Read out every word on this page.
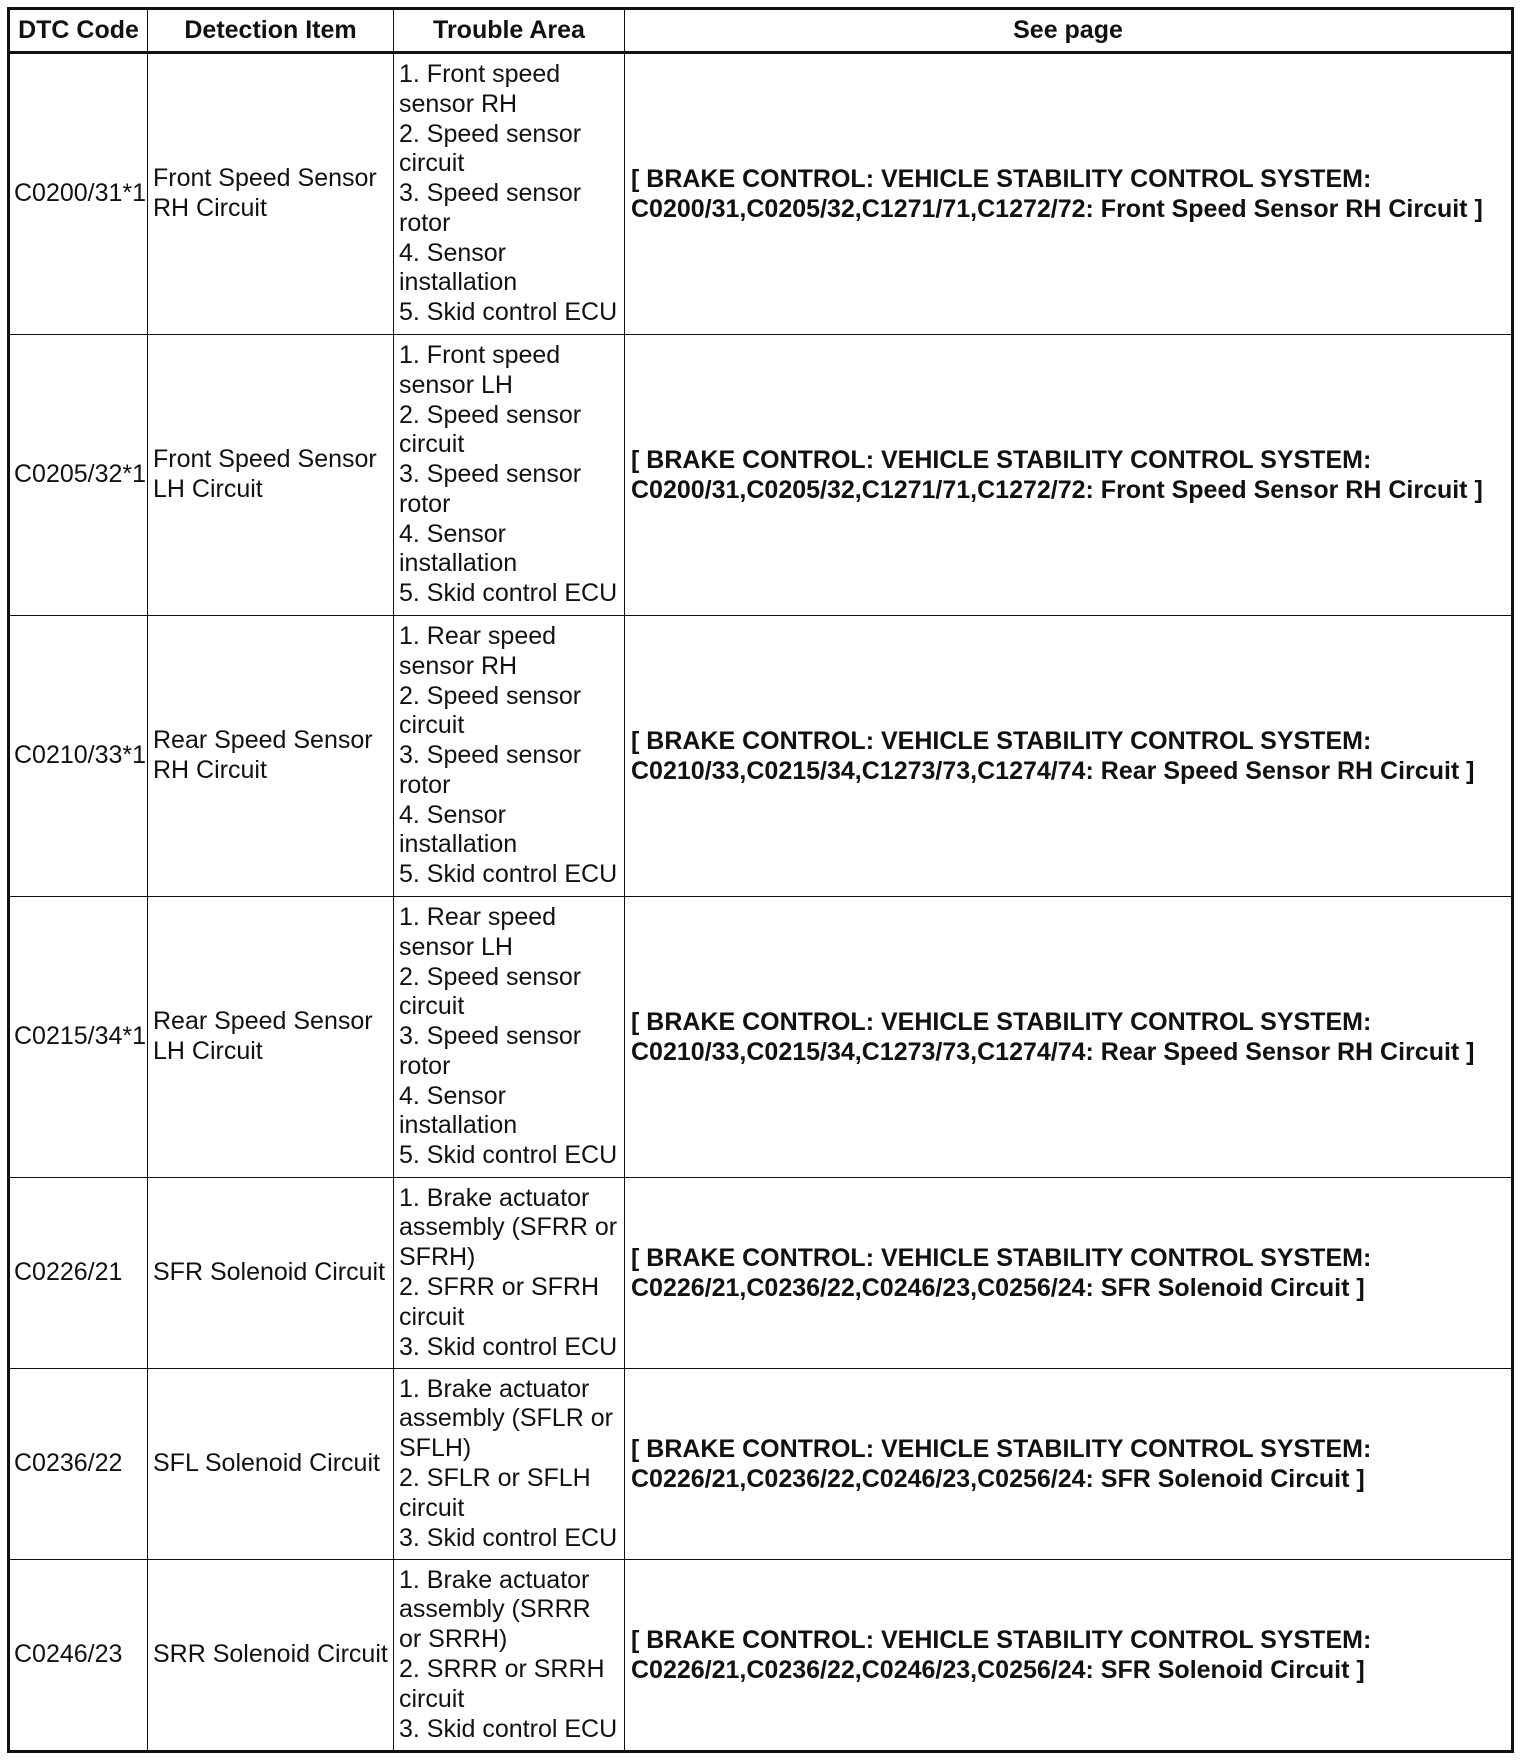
DTC Code	Detection Item	Trouble Area	See page
C0200/31*1	Front Speed Sensor RH Circuit	1. Front speed sensor RH
2. Speed sensor circuit
3. Speed sensor rotor
4. Sensor installation
5. Skid control ECU	[ BRAKE CONTROL: VEHICLE STABILITY CONTROL SYSTEM:
C0200/31,C0205/32,C1271/71,C1272/72: Front Speed Sensor RH Circuit ]
C0205/32*1	Front Speed Sensor LH Circuit	1. Front speed sensor LH
2. Speed sensor circuit
3. Speed sensor rotor
4. Sensor installation
5. Skid control ECU	[ BRAKE CONTROL: VEHICLE STABILITY CONTROL SYSTEM:
C0200/31,C0205/32,C1271/71,C1272/72: Front Speed Sensor RH Circuit ]
C0210/33*1	Rear Speed Sensor RH Circuit	1. Rear speed sensor RH
2. Speed sensor circuit
3. Speed sensor rotor
4. Sensor installation
5. Skid control ECU	[ BRAKE CONTROL: VEHICLE STABILITY CONTROL SYSTEM:
C0210/33,C0215/34,C1273/73,C1274/74: Rear Speed Sensor RH Circuit ]
C0215/34*1	Rear Speed Sensor LH Circuit	1. Rear speed sensor LH
2. Speed sensor circuit
3. Speed sensor rotor
4. Sensor installation
5. Skid control ECU	[ BRAKE CONTROL: VEHICLE STABILITY CONTROL SYSTEM:
C0210/33,C0215/34,C1273/73,C1274/74: Rear Speed Sensor RH Circuit ]
C0226/21	SFR Solenoid Circuit	1. Brake actuator assembly (SFRR or SFRH)
2. SFRR or SFRH circuit
3. Skid control ECU	[ BRAKE CONTROL: VEHICLE STABILITY CONTROL SYSTEM:
C0226/21,C0236/22,C0246/23,C0256/24: SFR Solenoid Circuit ]
C0236/22	SFL Solenoid Circuit	1. Brake actuator assembly (SFLR or SFLH)
2. SFLR or SFLH circuit
3. Skid control ECU	[ BRAKE CONTROL: VEHICLE STABILITY CONTROL SYSTEM:
C0226/21,C0236/22,C0246/23,C0256/24: SFR Solenoid Circuit ]
C0246/23	SRR Solenoid Circuit	1. Brake actuator assembly (SRRR or SRRH)
2. SRRR or SRRH circuit
3. Skid control ECU	[ BRAKE CONTROL: VEHICLE STABILITY CONTROL SYSTEM:
C0226/21,C0236/22,C0246/23,C0256/24: SFR Solenoid Circuit ]
